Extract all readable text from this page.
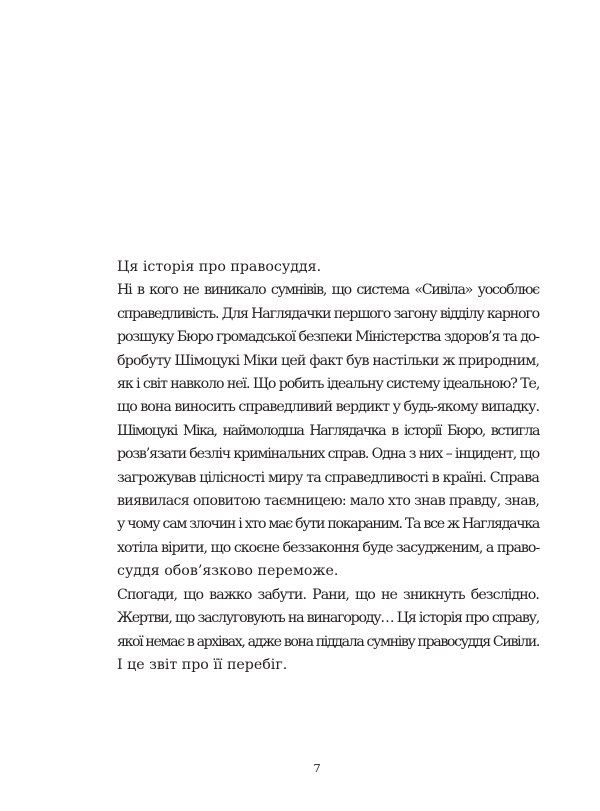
Ця історія про правосуддя.

Ні в кого не виникало сумнівів, що система «Сивіла» уособлює
справедливість. Для Наглядачки першого загону відділу карного
розшуку Бюро громадської безпеки Міністерства здоров’я та до-
бробуту Шімоцукі Міки цей факт був настільки ж природним,
як і світ навколо неї. Що робить ідеальну систему ідеальною? Те,
що вона виносить справедливий вердикт у будь-якому випадку.

Шімоцукі Міка, наймолодша Наглядачка в історії Бюро, встигла
розв’язати безліч кримінальних справ. Одна з них – інцидент, що
загрожував цілісності миру та справедливості в країні. Справа
виявилася оповитою таємницею: мало хто знав правду, знав,
у чому сам злочин і хто має бути покараним. Та все ж Наглядачка
хотіла вірити, що скоєне беззаконня буде засудженим, а право-
суддя обов’язково переможе.

Спогади, що важко забути. Рани, що не зникнуть безслідно.
Жертви, що заслуговують на винагороду… Ця історія про справу,
якої немає в архівах, адже вона піддала сумніву правосуддя Сивіли.

І це звіт про її перебіг.

7
